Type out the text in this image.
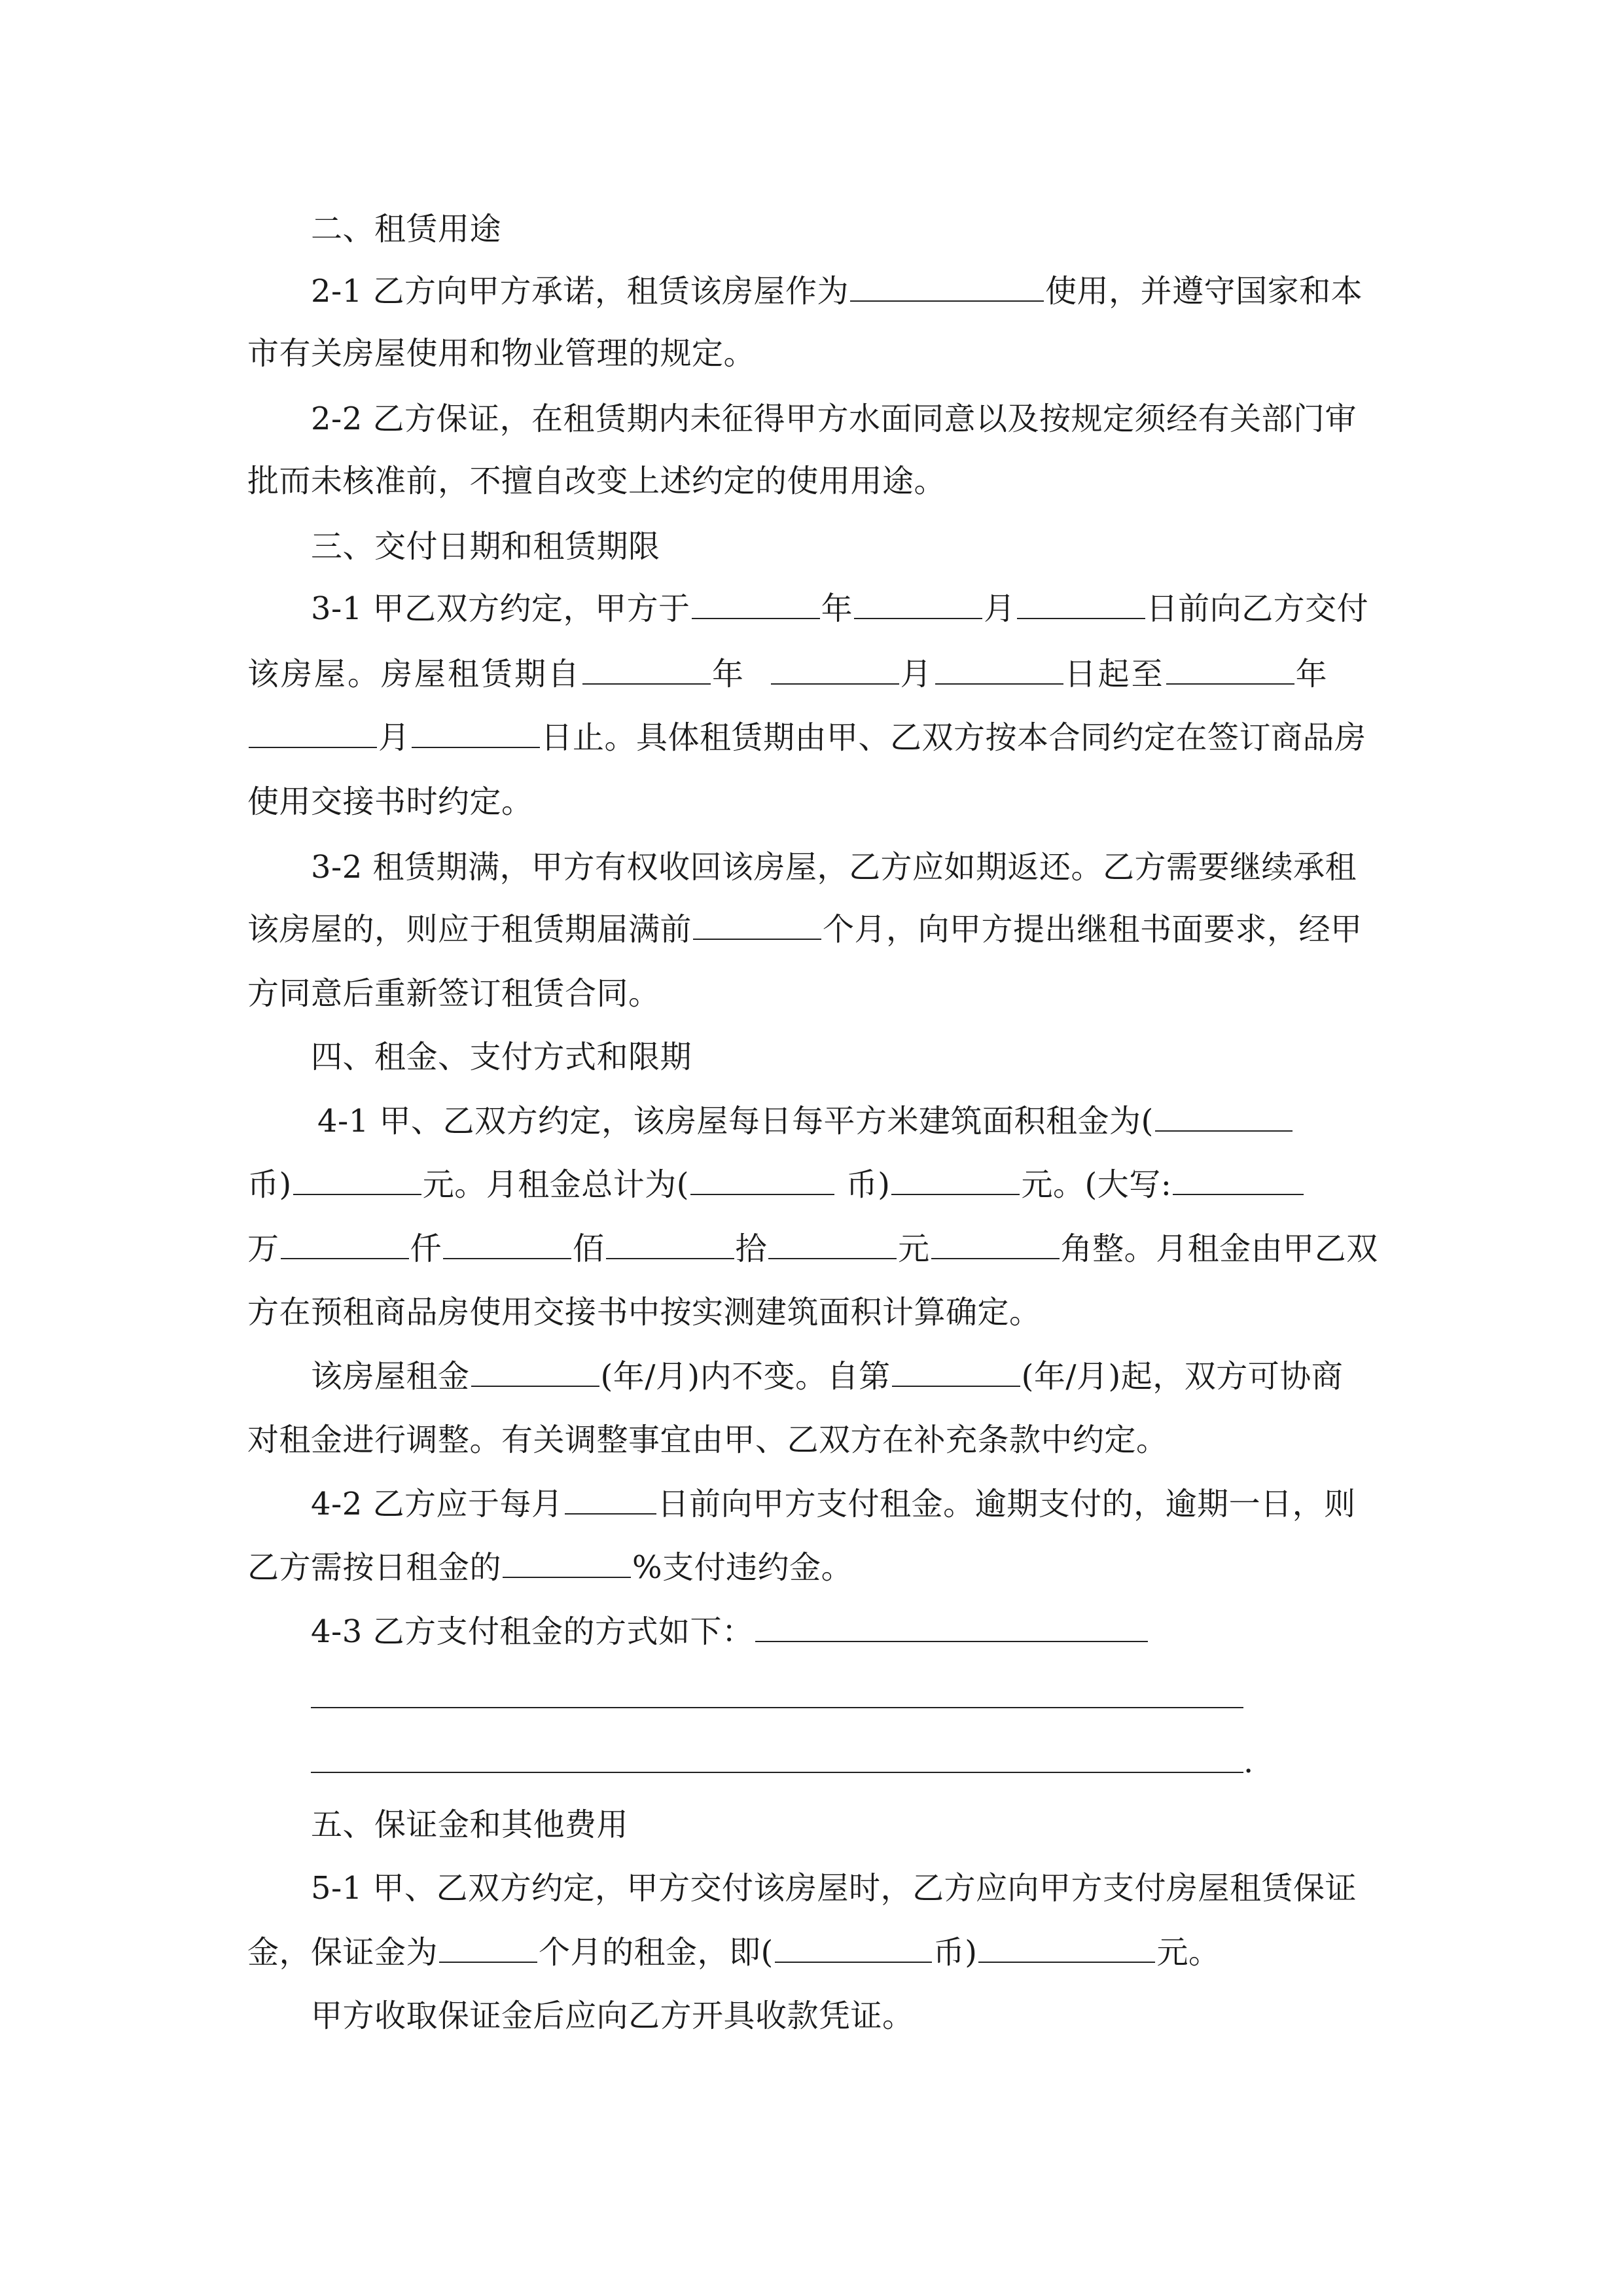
二、租赁用途
2-1 乙方向甲方承诺，租赁该房屋作为	使用，并遵守国家和本
市有关房屋使用和物业管理的规定。
2-2 乙方保证，在租赁期内未征得甲方水面同意以及按规定须经有关部门审
批而未核准前，不擅自改变上述约定的使用用途。
三、交付日期和租赁期限
3-1 甲乙双方约定，甲方于	年	月	日前向乙方交付
该房屋。房屋租赁期自	年	月	日起至	年
月	日止。具体租赁期由甲、乙双方按本合同约定在签订商品房
使用交接书时约定。
3-2 租赁期满，甲方有权收回该房屋，乙方应如期返还。乙方需要继续承租
该房屋的，则应于租赁期届满前	个月，向甲方提出继租书面要求，经甲
方同意后重新签订租赁合同。
四、租金、支付方式和限期
4-1 甲、乙双方约定，该房屋每日每平方米建筑面积租金为(
币)	元。月租金总计为(	币)	元。(大写:
万	仟	佰	拾	元	角整。月租金由甲乙双
方在预租商品房使用交接书中按实测建筑面积计算确定。
该房屋租金	(年/月)内不变。自第	(年/月)起，双方可协商
对租金进行调整。有关调整事宜由甲、乙双方在补充条款中约定。
4-2 乙方应于每月	日前向甲方支付租金。逾期支付的，逾期一日，则
乙方需按日租金的	%支付违约金。
4-3 乙方支付租金的方式如下：
.
五、保证金和其他费用
5-1 甲、乙双方约定，甲方交付该房屋时，乙方应向甲方支付房屋租赁保证
金，保证金为	个月的租金，即(	币)	元。
甲方收取保证金后应向乙方开具收款凭证。
